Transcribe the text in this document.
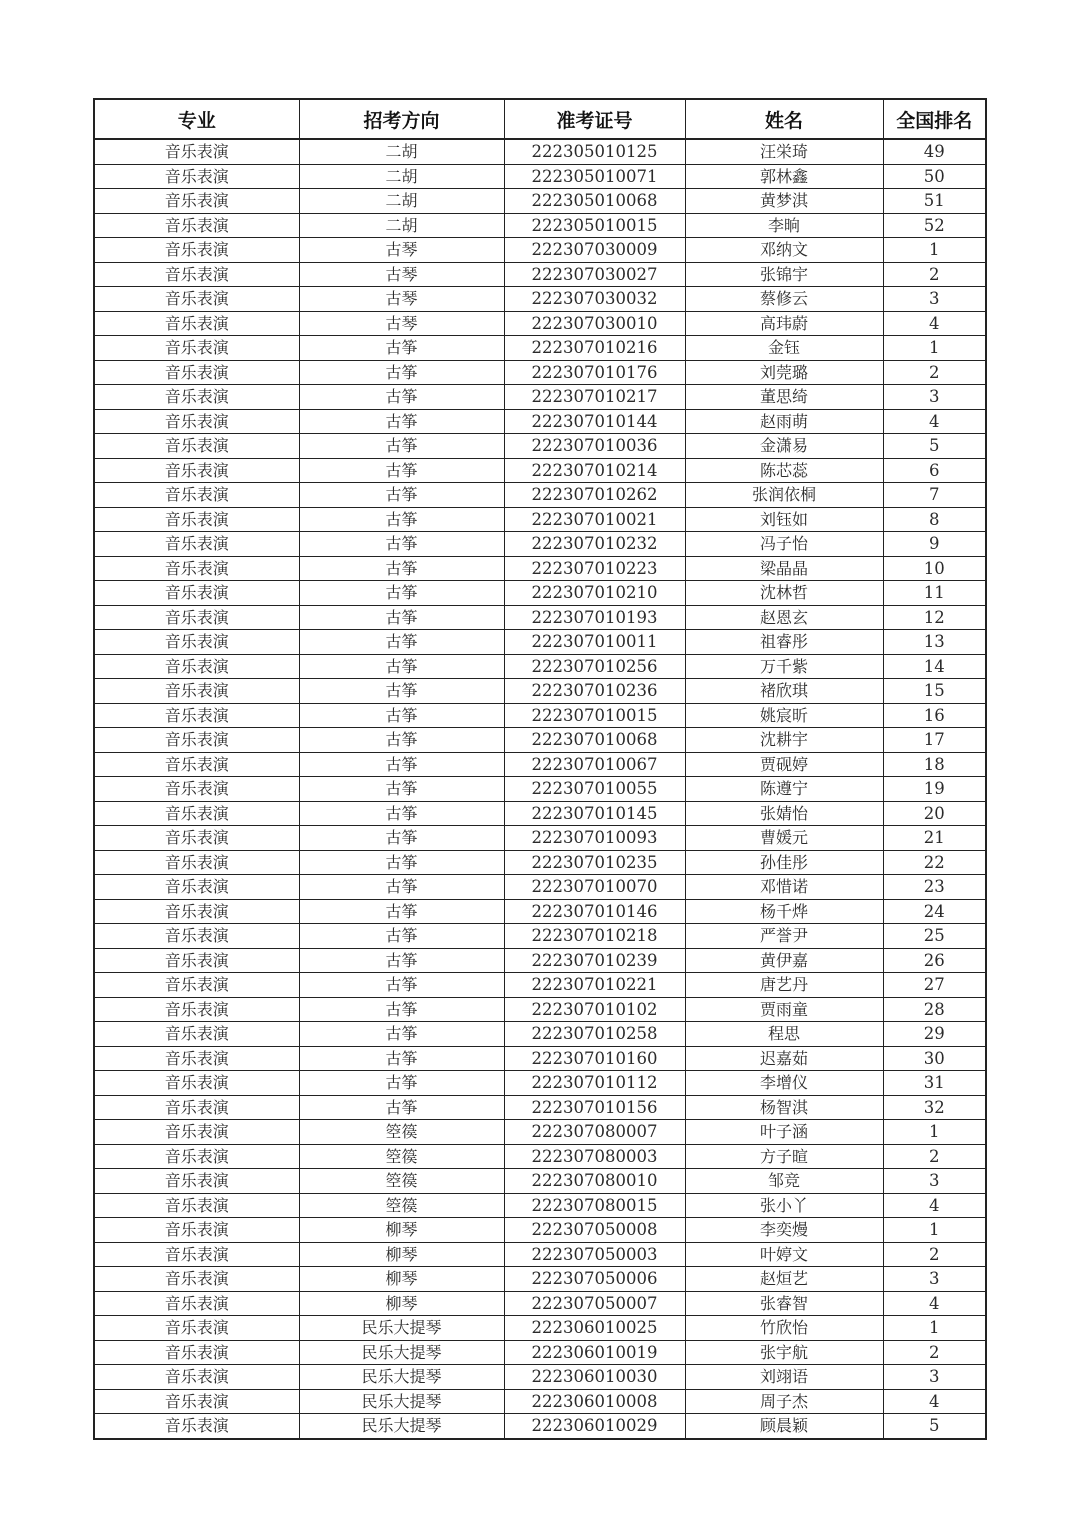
专业	招考方向	准考证号	姓名	全国排名
音乐表演	二胡	222305010125	汪栄琦	49
音乐表演	二胡	222305010071	郭林鑫	50
音乐表演	二胡	222305010068	黄梦淇	51
音乐表演	二胡	222305010015	李晌	52
音乐表演	古琴	222307030009	邓纳文	1
音乐表演	古琴	222307030027	张锦宇	2
音乐表演	古琴	222307030032	蔡修云	3
音乐表演	古琴	222307030010	高玮蔚	4
音乐表演	古筝	222307010216	金钰	1
音乐表演	古筝	222307010176	刘莞璐	2
音乐表演	古筝	222307010217	董思绮	3
音乐表演	古筝	222307010144	赵雨萌	4
音乐表演	古筝	222307010036	金潇易	5
音乐表演	古筝	222307010214	陈芯蕊	6
音乐表演	古筝	222307010262	张润依桐	7
音乐表演	古筝	222307010021	刘钰如	8
音乐表演	古筝	222307010232	冯子怡	9
音乐表演	古筝	222307010223	梁晶晶	10
音乐表演	古筝	222307010210	沈林哲	11
音乐表演	古筝	222307010193	赵恩玄	12
音乐表演	古筝	222307010011	祖睿彤	13
音乐表演	古筝	222307010256	万千紫	14
音乐表演	古筝	222307010236	褚欣琪	15
音乐表演	古筝	222307010015	姚宸昕	16
音乐表演	古筝	222307010068	沈耕宇	17
音乐表演	古筝	222307010067	贾砚婷	18
音乐表演	古筝	222307010055	陈遵宁	19
音乐表演	古筝	222307010145	张婧怡	20
音乐表演	古筝	222307010093	曹媛元	21
音乐表演	古筝	222307010235	孙佳彤	22
音乐表演	古筝	222307010070	邓惜诺	23
音乐表演	古筝	222307010146	杨千烨	24
音乐表演	古筝	222307010218	严誉尹	25
音乐表演	古筝	222307010239	黄伊嘉	26
音乐表演	古筝	222307010221	唐艺丹	27
音乐表演	古筝	222307010102	贾雨童	28
音乐表演	古筝	222307010258	程思	29
音乐表演	古筝	222307010160	迟嘉茹	30
音乐表演	古筝	222307010112	李增仪	31
音乐表演	古筝	222307010156	杨智淇	32
音乐表演	箜篌	222307080007	叶子涵	1
音乐表演	箜篌	222307080003	方子暄	2
音乐表演	箜篌	222307080010	邹竞	3
音乐表演	箜篌	222307080015	张小丫	4
音乐表演	柳琴	222307050008	李奕熳	1
音乐表演	柳琴	222307050003	叶婷文	2
音乐表演	柳琴	222307050006	赵烜艺	3
音乐表演	柳琴	222307050007	张睿智	4
音乐表演	民乐大提琴	222306010025	竹欣怡	1
音乐表演	民乐大提琴	222306010019	张宇航	2
音乐表演	民乐大提琴	222306010030	刘翊语	3
音乐表演	民乐大提琴	222306010008	周子杰	4
音乐表演	民乐大提琴	222306010029	顾晨颖	5
